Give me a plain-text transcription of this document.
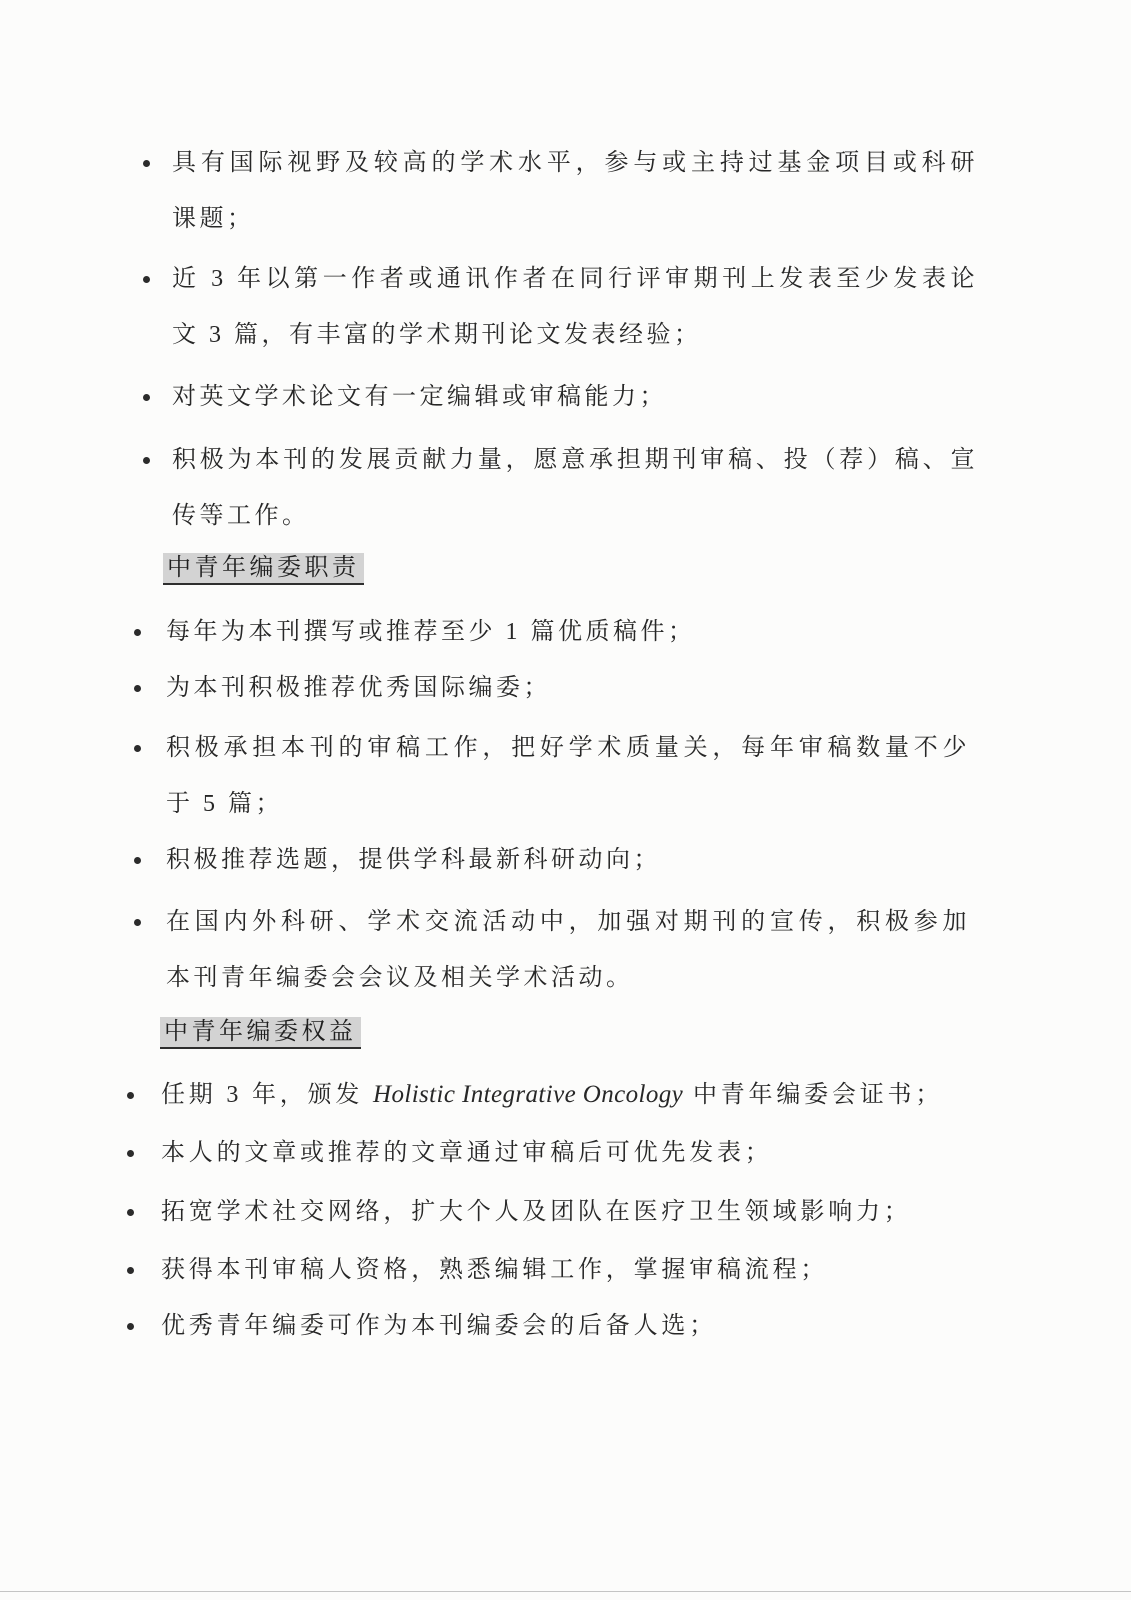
具有国际视野及较高的学术水平，参与或主持过基金项目或科研
课题；
近 3 年以第一作者或通讯作者在同行评审期刊上发表至少发表论
文 3 篇，有丰富的学术期刊论文发表经验；
对英文学术论文有一定编辑或审稿能力；
积极为本刊的发展贡献力量，愿意承担期刊审稿、投（荐）稿、宣
传等工作。
中青年编委职责
每年为本刊撰写或推荐至少 1 篇优质稿件；
为本刊积极推荐优秀国际编委；
积极承担本刊的审稿工作，把好学术质量关，每年审稿数量不少
于 5 篇；
积极推荐选题，提供学科最新科研动向；
在国内外科研、学术交流活动中，加强对期刊的宣传，积极参加
本刊青年编委会会议及相关学术活动。
中青年编委权益
任期 3 年，颁发 Holistic Integrative Oncology 中青年编委会证书；
本人的文章或推荐的文章通过审稿后可优先发表；
拓宽学术社交网络，扩大个人及团队在医疗卫生领域影响力；
获得本刊审稿人资格，熟悉编辑工作，掌握审稿流程；
优秀青年编委可作为本刊编委会的后备人选；
